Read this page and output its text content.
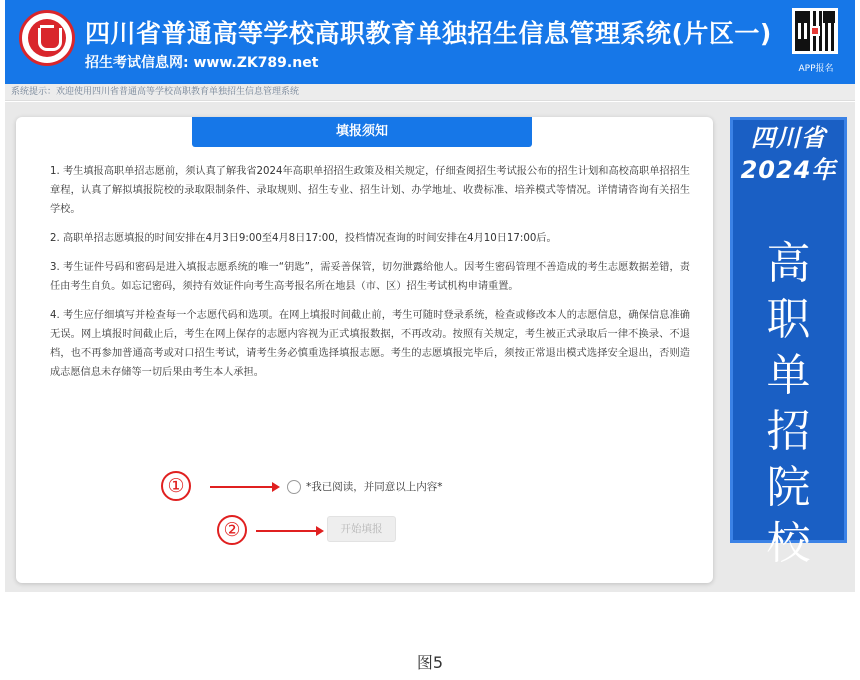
四川省普通高等学校高职教育单独招生信息管理系统(片区一)
招生考试信息网: www.ZK789.net	APP报名
系统提示：欢迎使用四川省普通高等学校高职教育单独招生信息管理系统
填报须知

1. 考生填报高职单招志愿前，须认真了解我省2024年高职单招招生政策及相关规定，仔细查阅招生考试报公布的招生计划和高校高职单招招生章程，认真了解拟填报院校的录取限制条件、录取规则、招生专业、招生计划、办学地址、收费标准、培养模式等情况。详情请咨询有关招生学校。

2. 高职单招志愿填报的时间安排在4月3日9:00至4月8日17:00，投档情况查询的时间安排在4月10日17:00后。

3. 考生证件号码和密码是进入填报志愿系统的唯一“钥匙”，需妥善保管，切勿泄露给他人。因考生密码管理不善造成的考生志愿数据差错，责任由考生自负。如忘记密码，须持有效证件向考生高考报名所在地县（市、区）招生考试机构申请重置。

4. 考生应仔细填写并检查每一个志愿代码和选项。在网上填报时间截止前，考生可随时登录系统，检查或修改本人的志愿信息，确保信息准确无误。网上填报时间截止后，考生在网上保存的志愿内容视为正式填报数据，不再改动。按照有关规定，考生被正式录取后一律不换录、不退档，也不再参加普通高考或对口招生考试，请考生务必慎重选择填报志愿。考生的志愿填报完毕后，须按正常退出模式选择安全退出，否则造成志愿信息未存储等一切后果由考生本人承担。

①	*我已阅读，并同意以上内容*
②	开始填报
四川省
2024年
高
职
单
招
院
校
图5
